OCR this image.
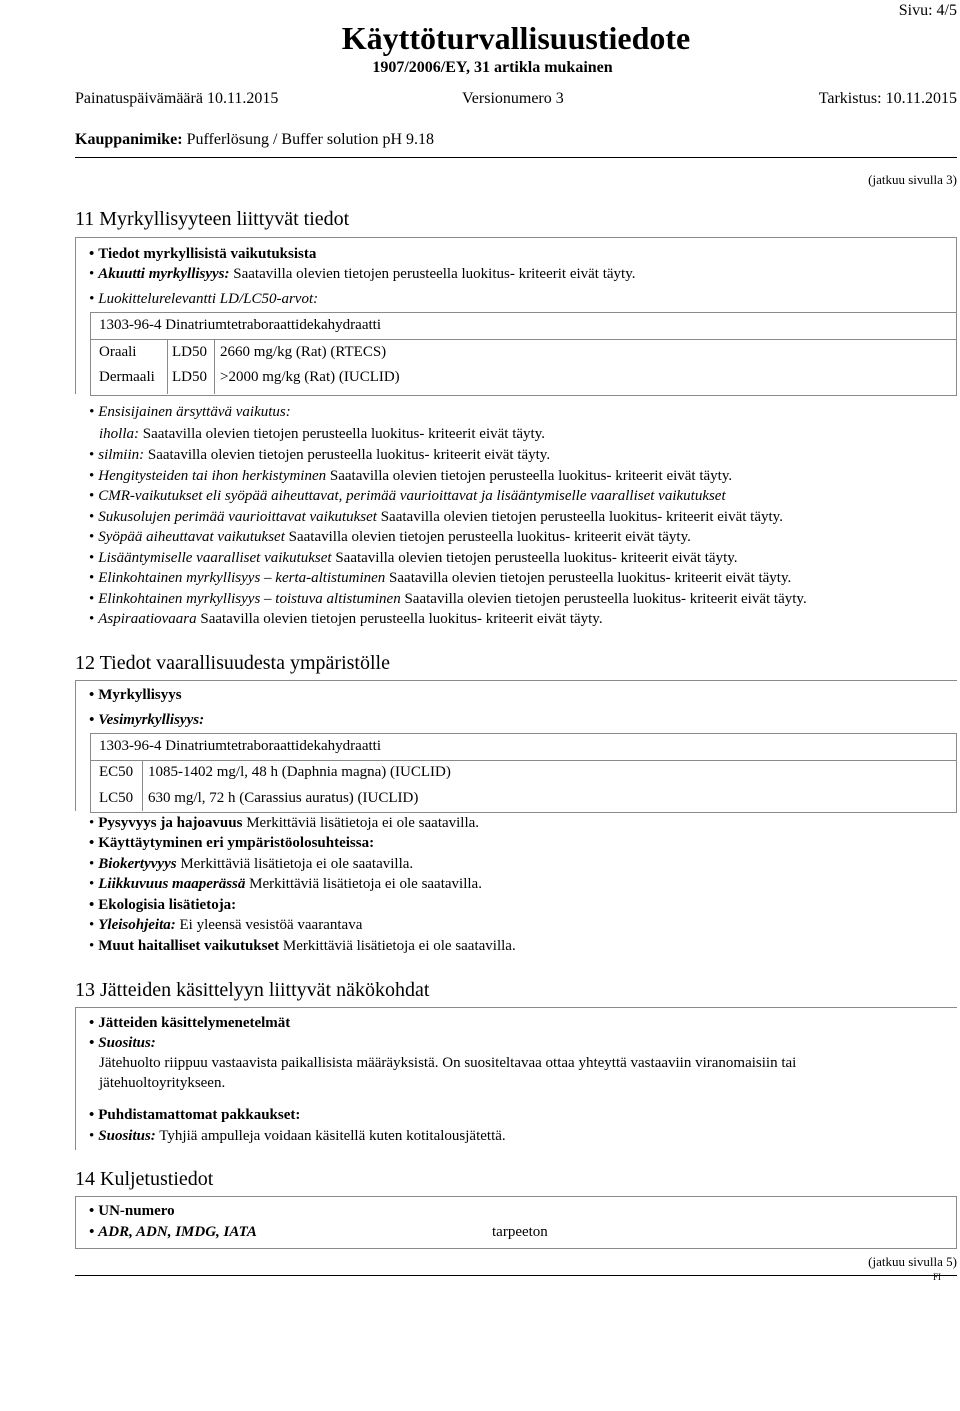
Sivu: 4/5
Käyttöturvallisuustiedote
1907/2006/EY, 31 artikla mukainen
Painatuspäivämäärä 10.11.2015	Versionumero 3	Tarkistus: 10.11.2015
Kauppanimike: Pufferlösung / Buffer solution pH 9.18
(jatkuu sivulla 3)
11 Myrkyllisyyteen liittyvät tiedot
• Tiedot myrkyllisistä vaikutuksista
• Akuutti myrkyllisyys: Saatavilla olevien tietojen perusteella luokitus- kriteerit eivät täyty.
• Luokittelurelevantti LD/LC50-arvot:
1303-96-4 Dinatriumtetraboraattidekahydraatti
Oraali LD50 2660 mg/kg (Rat) (RTECS)
Dermaali LD50 >2000 mg/kg (Rat) (IUCLID)
• Ensisijainen ärsyttävä vaikutus:
iholla: Saatavilla olevien tietojen perusteella luokitus- kriteerit eivät täyty.
• silmiin: Saatavilla olevien tietojen perusteella luokitus- kriteerit eivät täyty.
• Hengitysteiden tai ihon herkistyminen Saatavilla olevien tietojen perusteella luokitus- kriteerit eivät täyty.
• CMR-vaikutukset eli syöpää aiheuttavat, perimää vaurioittavat ja lisääntymiselle vaaralliset vaikutukset
• Sukusolujen perimää vaurioittavat vaikutukset Saatavilla olevien tietojen perusteella luokitus- kriteerit eivät täyty.
• Syöpää aiheuttavat vaikutukset Saatavilla olevien tietojen perusteella luokitus- kriteerit eivät täyty.
• Lisääntymiselle vaaralliset vaikutukset Saatavilla olevien tietojen perusteella luokitus- kriteerit eivät täyty.
• Elinkohtainen myrkyllisyys – kerta-altistuminen Saatavilla olevien tietojen perusteella luokitus- kriteerit eivät täyty.
• Elinkohtainen myrkyllisyys – toistuva altistuminen Saatavilla olevien tietojen perusteella luokitus- kriteerit eivät täyty.
• Aspiraatiovaara Saatavilla olevien tietojen perusteella luokitus- kriteerit eivät täyty.
12 Tiedot vaarallisuudesta ympäristölle
• Myrkyllisyys
• Vesimyrkyllisyys:
1303-96-4 Dinatriumtetraboraattidekahydraatti
EC50 1085-1402 mg/l, 48 h (Daphnia magna) (IUCLID)
LC50 630 mg/l, 72 h (Carassius auratus) (IUCLID)
• Pysyvyys ja hajoavuus Merkittäviä lisätietoja ei ole saatavilla.
• Käyttäytyminen eri ympäristöolosuhteissa:
• Biokertyvyys Merkittäviä lisätietoja ei ole saatavilla.
• Liikkuvuus maaperässä Merkittäviä lisätietoja ei ole saatavilla.
• Ekologisia lisätietoja:
• Yleisohjeita: Ei yleensä vesistöä vaarantava
• Muut haitalliset vaikutukset Merkittäviä lisätietoja ei ole saatavilla.
13 Jätteiden käsittelyyn liittyvät näkökohdat
• Jätteiden käsittelymenetelmät
• Suositus:
Jätehuolto riippuu vastaavista paikallisista määräyksistä. On suositeltavaa ottaa yhteyttä vastaaviin viranomaisiin tai
jätehuoltoyritykseen.
• Puhdistamattomat pakkaukset:
• Suositus: Tyhjiä ampulleja voidaan käsitellä kuten kotitalousjätettä.
14 Kuljetustiedot
• UN-numero
• ADR, ADN, IMDG, IATA	tarpeeton
(jatkuu sivulla 5)
FI
